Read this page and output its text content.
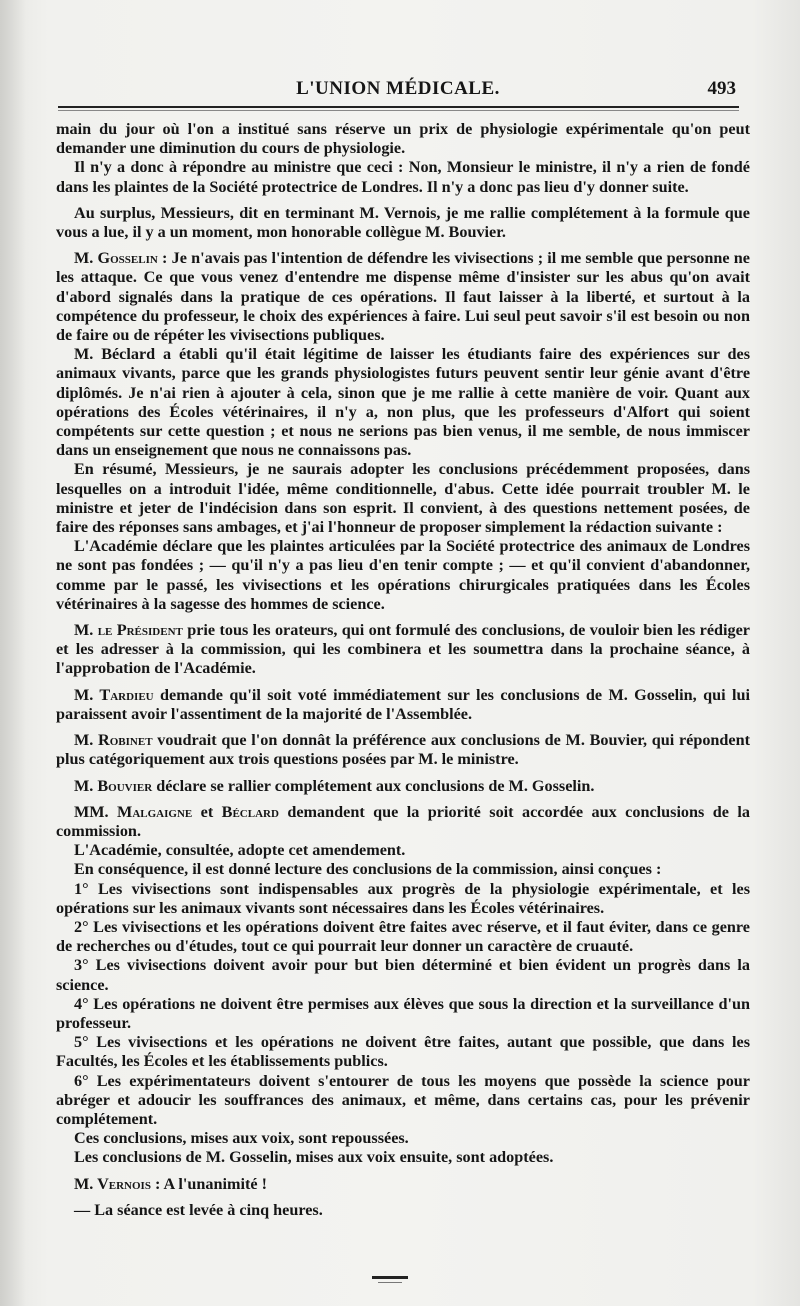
L'UNION MÉDICALE.	493

main du jour où l'on a institué sans réserve un prix de physiologie expérimentale qu'on peut demander une diminution du cours de physiologie.

Il n'y a donc à répondre au ministre que ceci : Non, Monsieur le ministre, il n'y a rien de fondé dans les plaintes de la Société protectrice de Londres. Il n'y a donc pas lieu d'y donner suite.

Au surplus, Messieurs, dit en terminant M. Vernois, je me rallie complétement à la formule que vous a lue, il y a un moment, mon honorable collègue M. Bouvier.

M. Gosselin : Je n'avais pas l'intention de défendre les vivisections ; il me semble que personne ne les attaque. Ce que vous venez d'entendre me dispense même d'insister sur les abus qu'on avait d'abord signalés dans la pratique de ces opérations. Il faut laisser à la liberté, et surtout à la compétence du professeur, le choix des expériences à faire. Lui seul peut savoir s'il est besoin ou non de faire ou de répéter les vivisections publiques.

M. Béclard a établi qu'il était légitime de laisser les étudiants faire des expériences sur des animaux vivants, parce que les grands physiologistes futurs peuvent sentir leur génie avant d'être diplômés. Je n'ai rien à ajouter à cela, sinon que je me rallie à cette manière de voir. Quant aux opérations des Écoles vétérinaires, il n'y a, non plus, que les professeurs d'Alfort qui soient compétents sur cette question ; et nous ne serions pas bien venus, il me semble, de nous immiscer dans un enseignement que nous ne connaissons pas.

En résumé, Messieurs, je ne saurais adopter les conclusions précédemment proposées, dans lesquelles on a introduit l'idée, même conditionnelle, d'abus. Cette idée pourrait troubler M. le ministre et jeter de l'indécision dans son esprit. Il convient, à des questions nettement posées, de faire des réponses sans ambages, et j'ai l'honneur de proposer simplement la rédaction suivante :

L'Académie déclare que les plaintes articulées par la Société protectrice des animaux de Londres ne sont pas fondées ; — qu'il n'y a pas lieu d'en tenir compte ; — et qu'il convient d'abandonner, comme par le passé, les vivisections et les opérations chirurgicales pratiquées dans les Écoles vétérinaires à la sagesse des hommes de science.

M. le Président prie tous les orateurs, qui ont formulé des conclusions, de vouloir bien les rédiger et les adresser à la commission, qui les combinera et les soumettra dans la prochaine séance, à l'approbation de l'Académie.

M. Tardieu demande qu'il soit voté immédiatement sur les conclusions de M. Gosselin, qui lui paraissent avoir l'assentiment de la majorité de l'Assemblée.

M. Robinet voudrait que l'on donnât la préférence aux conclusions de M. Bouvier, qui répondent plus catégoriquement aux trois questions posées par M. le ministre.

M. Bouvier déclare se rallier complétement aux conclusions de M. Gosselin.

MM. Malgaigne et Béclard demandent que la priorité soit accordée aux conclusions de la commission.

L'Académie, consultée, adopte cet amendement.

En conséquence, il est donné lecture des conclusions de la commission, ainsi conçues :

1° Les vivisections sont indispensables aux progrès de la physiologie expérimentale, et les opérations sur les animaux vivants sont nécessaires dans les Écoles vétérinaires.

2° Les vivisections et les opérations doivent être faites avec réserve, et il faut éviter, dans ce genre de recherches ou d'études, tout ce qui pourrait leur donner un caractère de cruauté.

3° Les vivisections doivent avoir pour but bien déterminé et bien évident un progrès dans la science.

4° Les opérations ne doivent être permises aux élèves que sous la direction et la surveillance d'un professeur.

5° Les vivisections et les opérations ne doivent être faites, autant que possible, que dans les Facultés, les Écoles et les établissements publics.

6° Les expérimentateurs doivent s'entourer de tous les moyens que possède la science pour abréger et adoucir les souffrances des animaux, et même, dans certains cas, pour les prévenir complétement.

Ces conclusions, mises aux voix, sont repoussées.

Les conclusions de M. Gosselin, mises aux voix ensuite, sont adoptées.

M. Vernois : A l'unanimité !

— La séance est levée à cinq heures.
